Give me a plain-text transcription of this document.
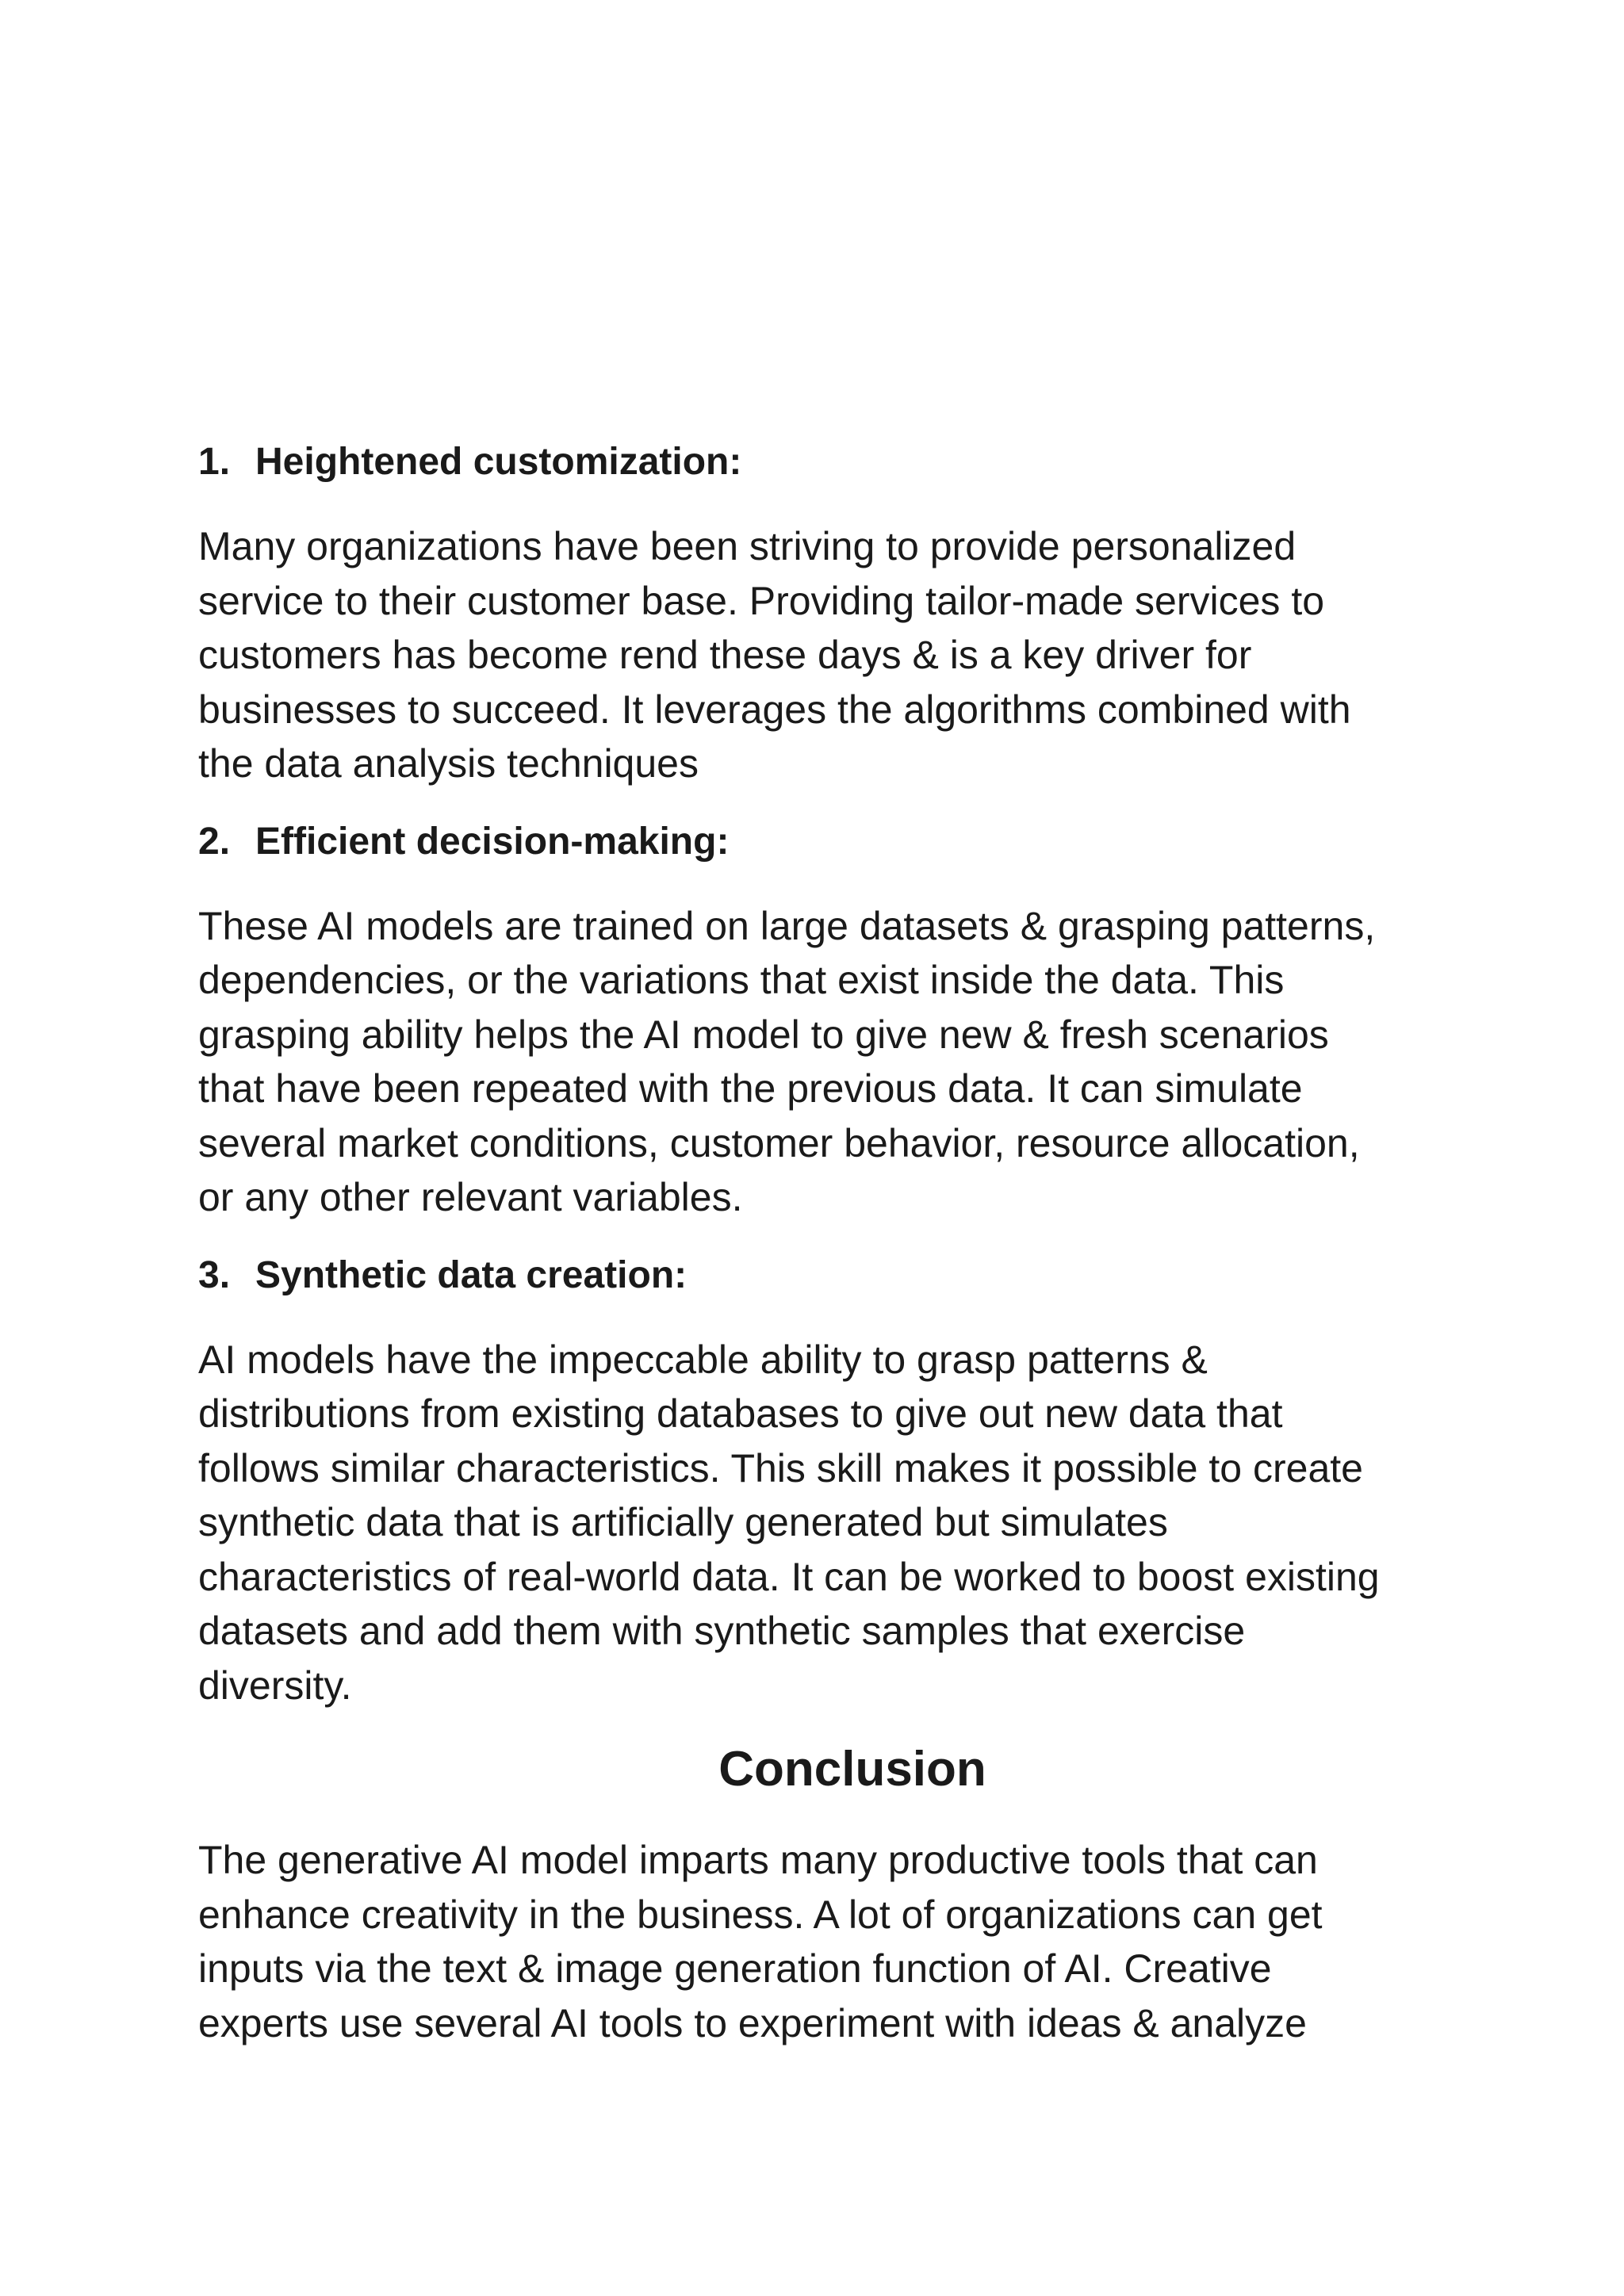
1. Heightened customization:
Many organizations have been striving to provide personalized
service to their customer base. Providing tailor-made services to
customers has become rend these days & is a key driver for
businesses to succeed. It leverages the algorithms combined with
the data analysis techniques
2. Efficient decision-making:
These AI models are trained on large datasets & grasping patterns,
dependencies, or the variations that exist inside the data. This
grasping ability helps the AI model to give new & fresh scenarios
that have been repeated with the previous data. It can simulate
several market conditions, customer behavior, resource allocation,
or any other relevant variables.
3. Synthetic data creation:
AI models have the impeccable ability to grasp patterns &
distributions from existing databases to give out new data that
follows similar characteristics. This skill makes it possible to create
synthetic data that is artificially generated but simulates
characteristics of real-world data. It can be worked to boost existing
datasets and add them with synthetic samples that exercise
diversity.
Conclusion
The generative AI model imparts many productive tools that can
enhance creativity in the business. A lot of organizations can get
inputs via the text & image generation function of AI. Creative
experts use several AI tools to experiment with ideas & analyze
